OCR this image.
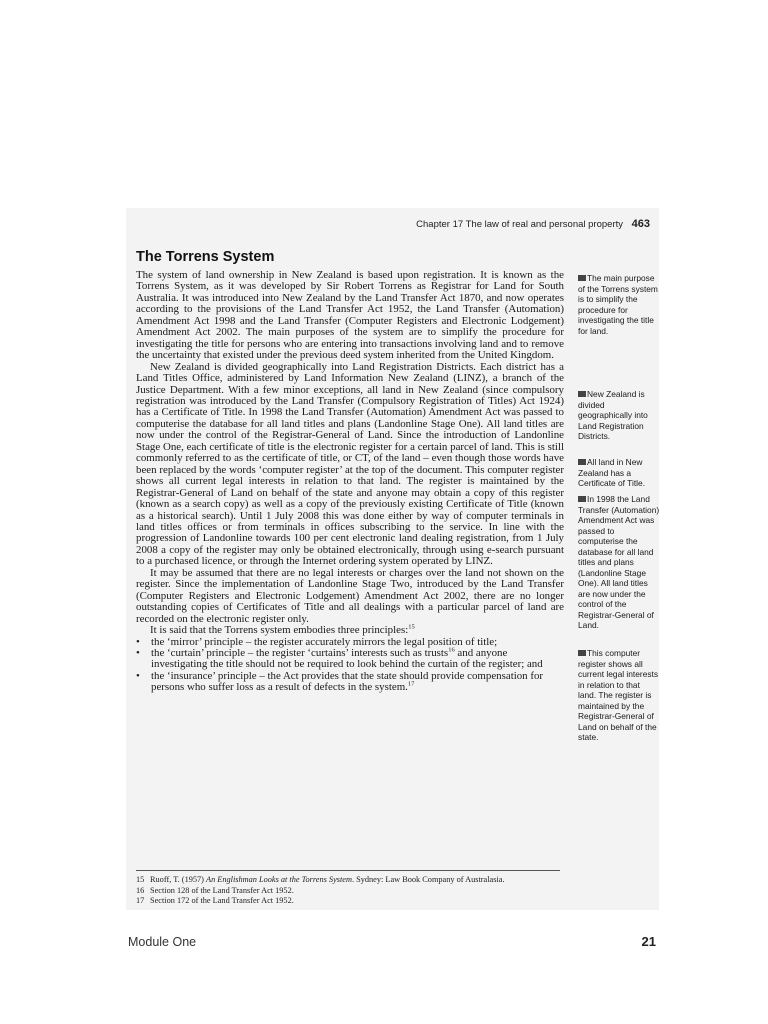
Chapter 17 The law of real and personal property 463
The Torrens System

The system of land ownership in New Zealand is based upon registration. It is known as the Torrens System, as it was developed by Sir Robert Torrens as Registrar for Land for South Australia. It was introduced into New Zealand by the Land Transfer Act 1870, and now operates according to the provisions of the Land Transfer Act 1952, the Land Transfer (Automation) Amendment Act 1998 and the Land Transfer (Computer Registers and Electronic Lodgement) Amendment Act 2002. The main purposes of the system are to simplify the procedure for investigating the title for persons who are entering into transactions involving land and to remove the uncertainty that existed under the previous deed system inherited from the United Kingdom.

New Zealand is divided geographically into Land Registration Districts. Each district has a Land Titles Office, administered by Land Information New Zealand (LINZ), a branch of the Justice Department. With a few minor exceptions, all land in New Zealand (since compulsory registration was introduced by the Land Transfer (Compulsory Registration of Titles) Act 1924) has a Certificate of Title. In 1998 the Land Transfer (Automation) Amendment Act was passed to computerise the database for all land titles and plans (Landonline Stage One). All land titles are now under the control of the Registrar-General of Land. Since the introduction of Landonline Stage One, each certificate of title is the electronic register for a certain parcel of land. This is still commonly referred to as the certificate of title, or CT, of the land – even though those words have been replaced by the words ‘computer register’ at the top of the document. This computer register shows all current legal interests in relation to that land. The register is maintained by the Registrar-General of Land on behalf of the state and anyone may obtain a copy of this register (known as a search copy) as well as a copy of the previously existing Certificate of Title (known as a historical search). Until 1 July 2008 this was done either by way of computer terminals in land titles offices or from terminals in offices subscribing to the service. In line with the progression of Landonline towards 100 per cent electronic land dealing registration, from 1 July 2008 a copy of the register may only be obtained electronically, through using e-search pursuant to a purchased licence, or through the Internet ordering system operated by LINZ.

It may be assumed that there are no legal interests or charges over the land not shown on the register. Since the implementation of Landonline Stage Two, introduced by the Land Transfer (Computer Registers and Electronic Lodgement) Amendment Act 2002, there are no longer outstanding copies of Certificates of Title and all dealings with a particular parcel of land are recorded on the electronic register only.

It is said that the Torrens system embodies three principles:$^{15}$

• the ‘mirror’ principle – the register accurately mirrors the legal position of title;
• the ‘curtain’ principle – the register ‘curtains’ interests such as trusts$^{16}$ and anyone investigating the title should not be required to look behind the curtain of the register; and
• the ‘insurance’ principle – the Act provides that the state should provide compensation for persons who suffer loss as a result of defects in the system.$^{17}$
The main purpose of the Torrens system is to simplify the procedure for investigating the title for land.
New Zealand is divided geographically into Land Registration Districts.
All land in New Zealand has a Certificate of Title.
In 1998 the Land Transfer (Automation) Amendment Act was passed to computerise the database for all land titles and plans (Landonline Stage One). All land titles are now under the control of the Registrar-General of Land.
This computer register shows all current legal interests in relation to that land. The register is maintained by the Registrar-General of Land on behalf of the state.
15 Ruoff, T. (1957) An Englishman Looks at the Torrens System. Sydney: Law Book Company of Australasia.
16 Section 128 of the Land Transfer Act 1952.
17 Section 172 of the Land Transfer Act 1952.
Module One	21
